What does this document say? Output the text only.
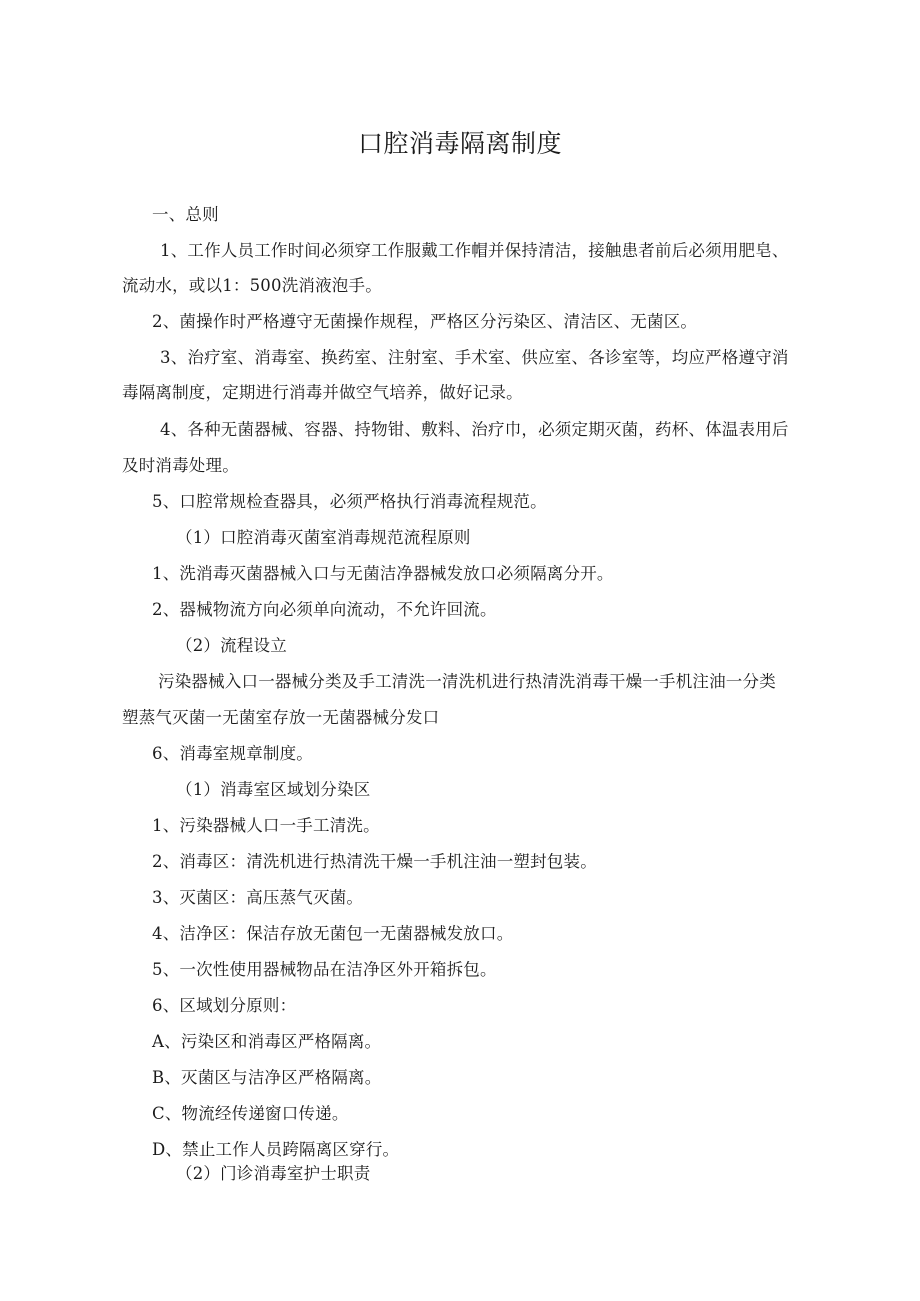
口腔消毒隔离制度
一、总则
1、工作人员工作时间必须穿工作服戴工作帽并保持清洁，接触患者前后必须用肥皂、
流动水，或以1：500洗消液泡手。
2、菌操作时严格遵守无菌操作规程，严格区分污染区、清洁区、无菌区。
3、治疗室、消毒室、换药室、注射室、手术室、供应室、各诊室等，均应严格遵守消
毒隔离制度，定期进行消毒并做空气培养，做好记录。
4、各种无菌器械、容器、持物钳、敷料、治疗巾，必须定期灭菌，药杯、体温表用后
及时消毒处理。
5、口腔常规检查器具，必须严格执行消毒流程规范。
（1）口腔消毒灭菌室消毒规范流程原则
1、洗消毒灭菌器械入口与无菌洁净器械发放口必须隔离分开。
2、器械物流方向必须单向流动，不允许回流。
（2）流程设立
污染器械入口一器械分类及手工清洗一清洗机进行热清洗消毒干燥一手机注油一分类
塑蒸气灭菌一无菌室存放一无菌器械分发口
6、消毒室规章制度。
（1）消毒室区域划分染区
1、污染器械人口一手工清洗。
2、消毒区：清洗机进行热清洗干燥一手机注油一塑封包装。
3、灭菌区：高压蒸气灭菌。
4、洁净区：保洁存放无菌包一无菌器械发放口。
5、一次性使用器械物品在洁净区外开箱拆包。
6、区域划分原则：
A、污染区和消毒区严格隔离。
B、灭菌区与洁净区严格隔离。
C、物流经传递窗口传递。
D、禁止工作人员跨隔离区穿行。
（2）门诊消毒室护士职责
